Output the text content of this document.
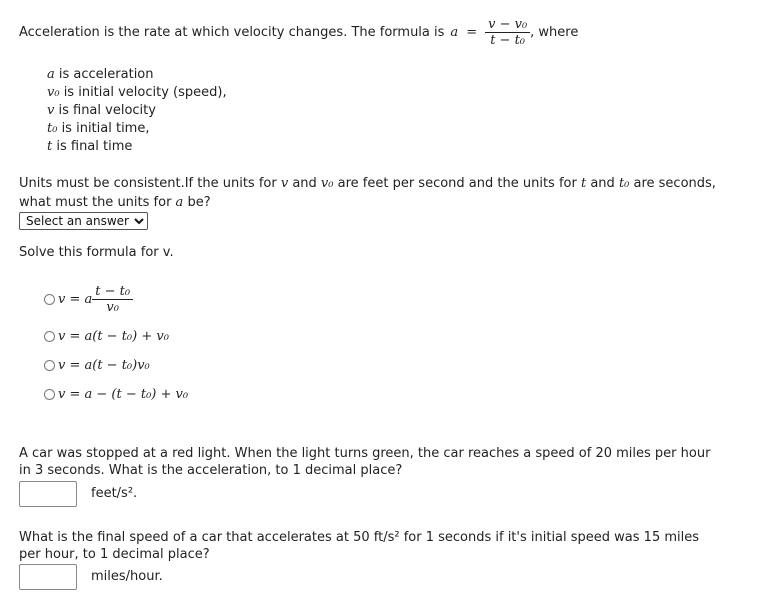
Acceleration is the rate at which velocity changes. The formula is $a = \frac{\text{v − v₀}}{\text{t − t₀}}$ , where
a is acceleration
v₀ is initial velocity (speed),
v is final velocity
t₀ is initial time,
t is final time
Units must be consistent.If the units for v and v₀ are feet per second and the units for t and t₀ are seconds,
what must the units for a be?
Select an answer
Solve this formula for v.
v = a $\frac{\text{t − t₀}}{\text{v₀}}$
v = a(t − t₀) + v₀
v = a(t − t₀)v₀
v = a − (t − t₀) + v₀
A car was stopped at a red light. When the light turns green, the car reaches a speed of 20 miles per hour
in 3 seconds. What is the acceleration, to 1 decimal place?
feet/s².
What is the final speed of a car that accelerates at 50 ft/s² for 1 seconds if it's initial speed was 15 miles
per hour, to 1 decimal place?
miles/hour.
